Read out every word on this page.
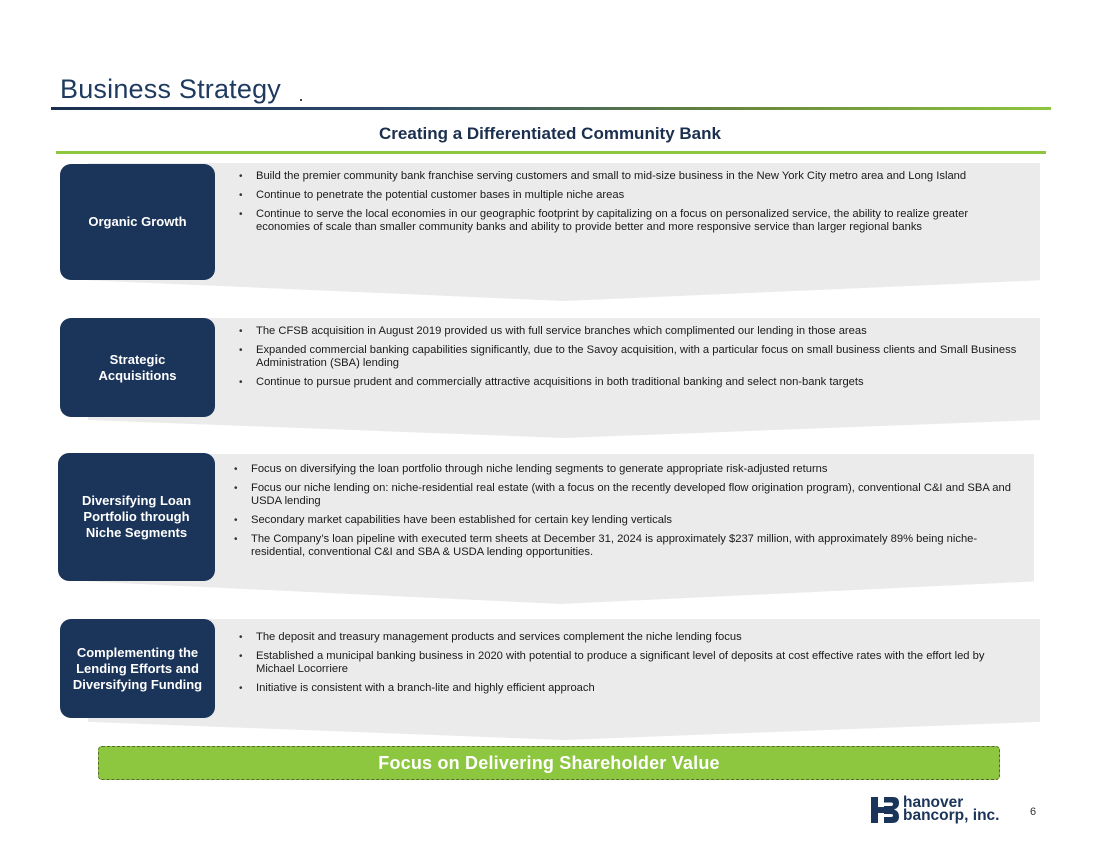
Business Strategy
Creating a Differentiated Community Bank
Organic Growth
• Build the premier community bank franchise serving customers and small to mid-size business in the New York City metro area and Long Island
• Continue to penetrate the potential customer bases in multiple niche areas
• Continue to serve the local economies in our geographic footprint by capitalizing on a focus on personalized service, the ability to realize greater economies of scale than smaller community banks and ability to provide better and more responsive service than larger regional banks
Strategic Acquisitions
• The CFSB acquisition in August 2019 provided us with full service branches which complimented our lending in those areas
• Expanded commercial banking capabilities significantly, due to the Savoy acquisition, with a particular focus on small business clients and Small Business Administration (SBA) lending
• Continue to pursue prudent and commercially attractive acquisitions in both traditional banking and select non-bank targets
Diversifying Loan Portfolio through Niche Segments
• Focus on diversifying the loan portfolio through niche lending segments to generate appropriate risk-adjusted returns
• Focus our niche lending on: niche-residential real estate (with a focus on the recently developed flow origination program), conventional C&I and SBA and USDA lending
• Secondary market capabilities have been established for certain key lending verticals
• The Company’s loan pipeline with executed term sheets at December 31, 2024 is approximately $237 million, with approximately 89% being niche-residential, conventional C&I and SBA & USDA lending opportunities.
Complementing the Lending Efforts and Diversifying Funding
• The deposit and treasury management products and services complement the niche lending focus
• Established a municipal banking business in 2020 with potential to produce a significant level of deposits at cost effective rates with the effort led by Michael Locorriere
• Initiative is consistent with a branch-lite and highly efficient approach
Focus on Delivering Shareholder Value
hanover
bancorp, inc.	6
